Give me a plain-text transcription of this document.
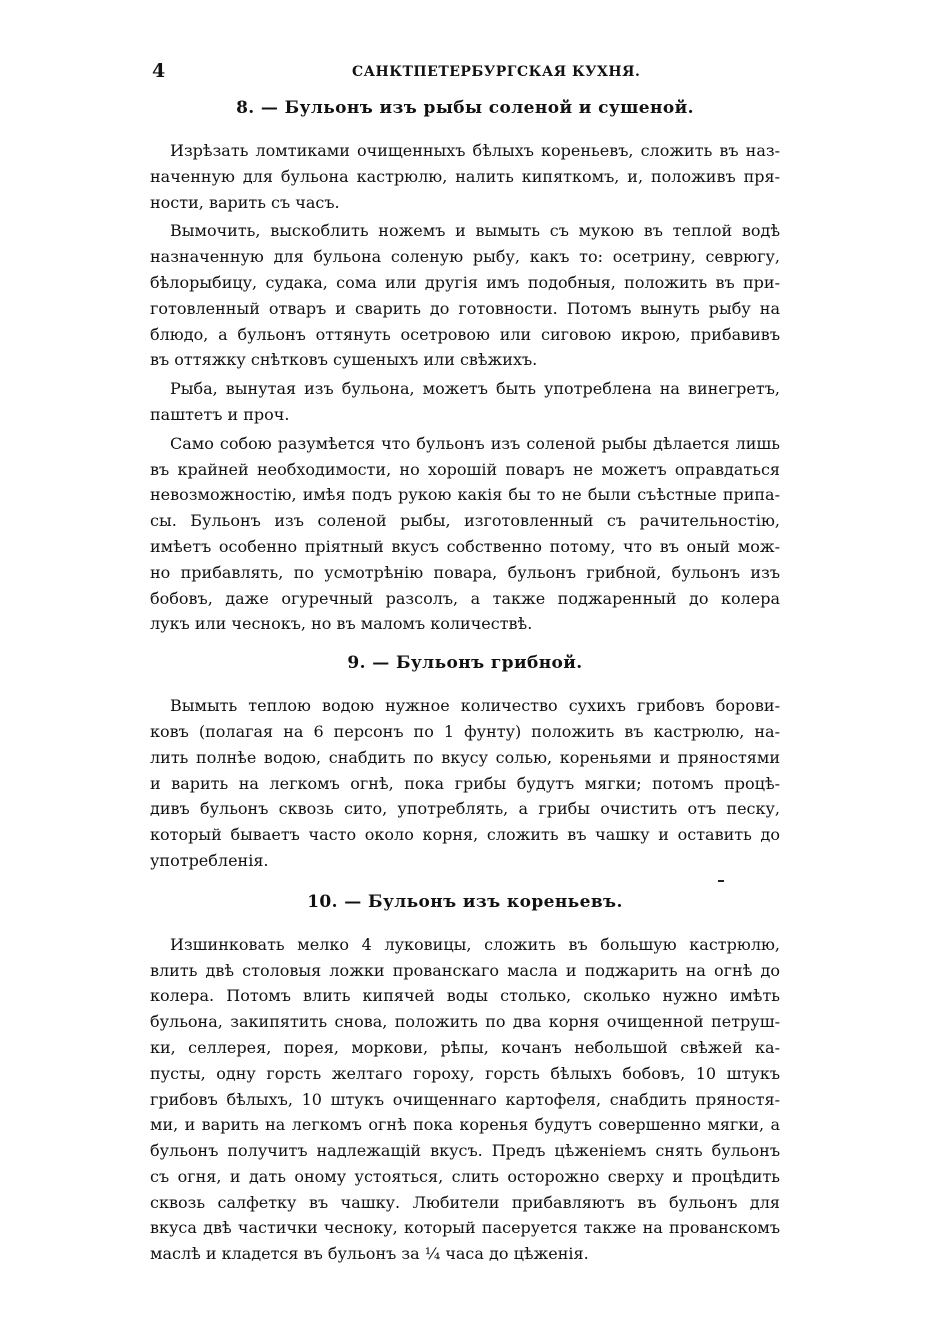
4	САНКТПЕТЕРБУРГСКАЯ КУХНЯ.
8. — Бульонъ изъ рыбы соленой и сушеной.

Изрѣзать ломтиками очищенныхъ бѣлыхъ кореньевъ, сложить въ наз-

наченную для бульона кастрюлю, налить кипяткомъ, и, положивъ пря-

ности, варить съ часъ.

Вымочить, выскоблить ножемъ и вымыть съ мукою въ теплой водѣ

назначенную для бульона соленую рыбу, какъ то: осетрину, севрюгу,

бѣлорыбицу, судака, сома или другія имъ подобныя, положить въ при-

готовленный отваръ и сварить до готовности. Потомъ вынуть рыбу на

блюдо, а бульонъ оттянуть осетровою или сиговою икрою, прибавивъ

въ оттяжку снѣтковъ сушеныхъ или свѣжихъ.

Рыба, вынутая изъ бульона, можетъ быть употреблена на винегретъ,

паштетъ и проч.

Само собою разумѣется что бульонъ изъ соленой рыбы дѣлается лишь

въ крайней необходимости, но хорошій поваръ не можетъ оправдаться

невозможностію, имѣя подъ рукою какія бы то не были съѣстные припа-

сы. Бульонъ изъ соленой рыбы, изготовленный съ рачительностію,

имѣетъ особенно пріятный вкусъ собственно потому, что въ оный мож-

но прибавлять, по усмотрѣнію повара, бульонъ грибной, бульонъ изъ

бобовъ, даже огуречный разсолъ, а также поджаренный до колера

лукъ или чеснокъ, но въ маломъ количествѣ.

9. — Бульонъ грибной.

Вымыть теплою водою нужное количество сухихъ грибовъ борови-

ковъ (полагая на 6 персонъ по 1 фунту) положить въ кастрюлю, на-

лить полнѣе водою, снабдить по вкусу солью, кореньями и пряностями

и варить на легкомъ огнѣ, пока грибы будутъ мягки; потомъ процѣ-

дивъ бульонъ сквозь сито, употреблять, а грибы очистить отъ песку,

который бываетъ часто около корня, сложить въ чашку и оставить до

употребленія.

10. — Бульонъ изъ кореньевъ.

Изшинковать мелко 4 луковицы, сложить въ большую кастрюлю,

влить двѣ столовыя ложки прованскаго масла и поджарить на огнѣ до

колера. Потомъ влить кипячей воды столько, сколько нужно имѣть

бульона, закипятить снова, положить по два корня очищенной петруш-

ки, селлерея, порея, моркови, рѣпы, кочанъ небольшой свѣжей ка-

пусты, одну горсть желтаго гороху, горсть бѣлыхъ бобовъ, 10 штукъ

грибовъ бѣлыхъ, 10 штукъ очищеннаго картофеля, снабдить пряностя-

ми, и варить на легкомъ огнѣ пока коренья будутъ совершенно мягки, а

бульонъ получитъ надлежащій вкусъ. Предъ цѣженіемъ снять бульонъ

съ огня, и дать оному устояться, слить осторожно сверху и процѣдить

сквозь салфетку въ чашку. Любители прибавляютъ въ бульонъ для

вкуса двѣ частички чесноку, который пасеруется также на прованскомъ

маслѣ и кладется въ бульонъ за ¼ часа до цѣженія.
